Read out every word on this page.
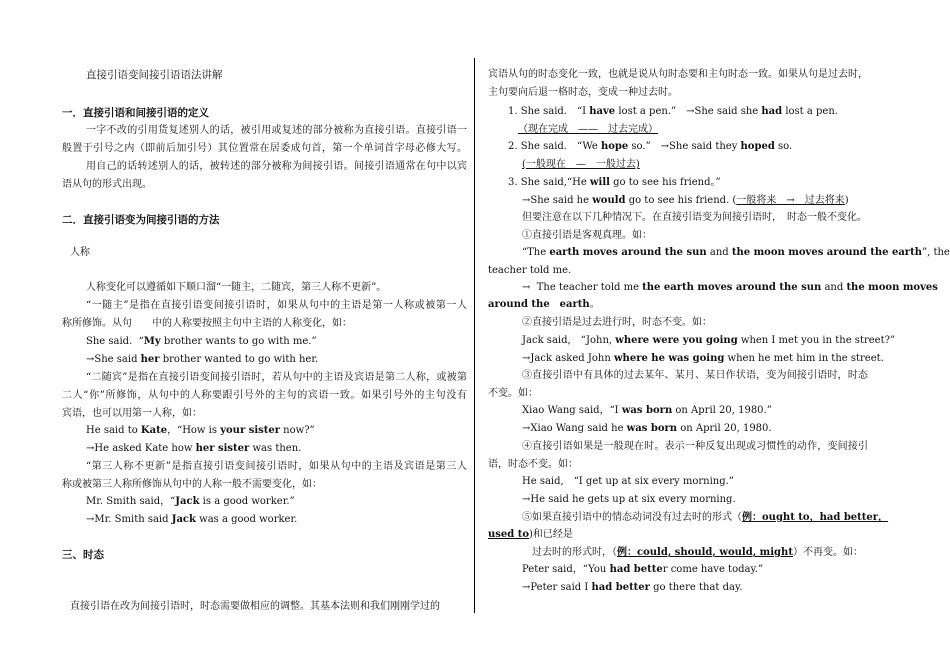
直接引语变间接引语语法讲解
一．直接引语和间接引语的定义
一字不改的引用货复述别人的话，被引用或复述的部分被称为直接引语。直接引语一
般置于引号之内（即前后加引号）其位置常在居委成句首，第一个单词首字母必修大写。
用自己的话转述别人的话，被转述的部分被称为间接引语。间接引语通常在句中以宾
语从句的形式出现。
二．直接引语变为间接引语的方法
人称
人称变化可以遵循如下顺口溜“一随主，二随宾，第三人称不更新”。
“一随主”是指在直接引语变间接引语时，如果从句中的主语是第一人称或被第一人
称所修饰。从句　　中的人称要按照主句中主语的人称变化，如：
She said. “My brother wants to go with me.”
→She said her brother wanted to go with her.
“二随宾”是指在直接引语变间接引语时，若从句中的主语及宾语是第二人称，或被第
二人“你”所修饰，从句中的人称要跟引号外的主句的宾语一致。如果引号外的主句没有
宾语，也可以用第一人称，如：
He said to Kate，“How is your sister now?”
→He asked Kate how her sister was then.
“第三人称不更新”是指直接引语变间接引语时，如果从句中的主语及宾语是第三人
称或被第三人称所修饰从句中的人称一般不需要变化，如：
Mr. Smith said，“Jack is a good worker.”
→Mr. Smith said Jack was a good worker.
三、时态
直接引语在改为间接引语时，时态需要做相应的调整。其基本法则和我们刚刚学过的
宾语从句的时态变化一致，也就是说从句时态要和主句时态一致。如果从句是过去时，
主句要向后退一格时态，变成一种过去时。
1. She said.　“I have lost a pen.”　→She said she had lost a pen.
（现在完成　——　过去完成）
2. She said.　“We hope so.”　→She said they hoped so.
(一般现在　—　一般过去)
3. She said,“He will go to see his friend。”
→She said he would go to see his friend. (一般将来　→　过去将来)
但要注意在以下几种情况下。在直接引语变为间接引语时，　时态一般不变化。
①直接引语是客观真理。如：
“The earth moves around the sun and the moon moves around the earth”, the
teacher told me.
→ The teacher told me the earth moves around the sun and the moon moves
around the　earth。
②直接引语是过去进行时，时态不变。如：
Jack said,　“John, where were you going when I met you in the street?”
→Jack asked John where he was going when he met him in the street.
③直接引语中有具体的过去某年、某月、某日作状语，变为间接引语时，时态
不变。如：
Xiao Wang said，“I was born on April 20, 1980.”
→Xiao Wang said he was born on April 20, 1980.
④直接引语如果是一般现在时。表示一种反复出现或习惯性的动作，变间接引
语，时态不变。如：
He said,　“I get up at six every morning.”
→He said he gets up at six every morning.
⑤如果直接引语中的情态动词没有过去时的形式（例：ought to，had better，
used to)和已经是
过去时的形式时，（例：could, should, would, might）不再变。如：
Peter said，“You had better come have today.”
→Peter said I had better go there that day.
